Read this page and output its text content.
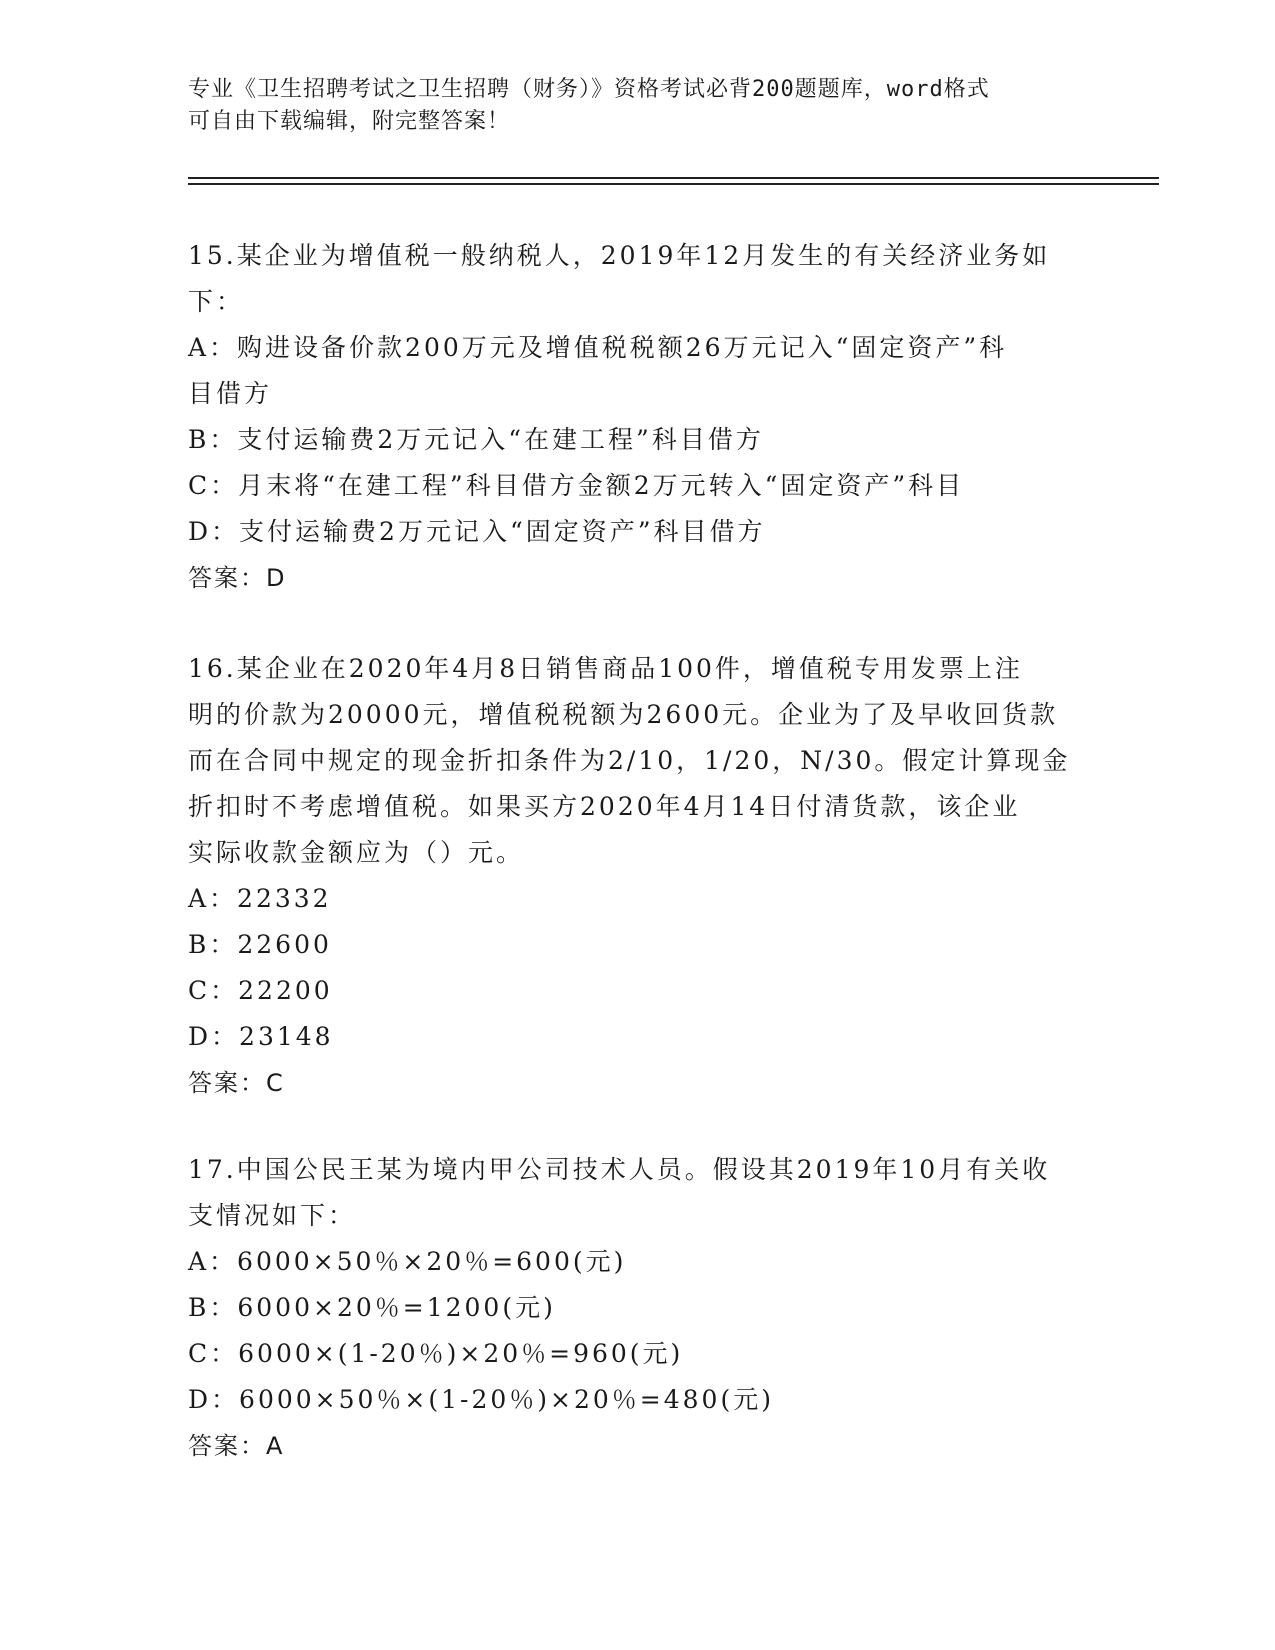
专业《卫生招聘考试之卫生招聘（财务）》资格考试必背200题题库，word格式
可自由下载编辑，附完整答案！
15.某企业为增值税一般纳税人，2019年12月发生的有关经济业务如
下：
A：购进设备价款200万元及增值税税额26万元记入“固定资产”科
目借方
B：支付运输费2万元记入“在建工程”科目借方
C：月末将“在建工程”科目借方金额2万元转入“固定资产”科目
D：支付运输费2万元记入“固定资产”科目借方
答案：D
16.某企业在2020年4月8日销售商品100件，增值税专用发票上注
明的价款为20000元，增值税税额为2600元。企业为了及早收回货款
而在合同中规定的现金折扣条件为2/10，1/20，N/30。假定计算现金
折扣时不考虑增值税。如果买方2020年4月14日付清货款，该企业
实际收款金额应为（）元。
A：22332
B：22600
C：22200
D：23148
答案：C
17.中国公民王某为境内甲公司技术人员。假设其2019年10月有关收
支情况如下：
A：6000×50％×20％=600(元)
B：6000×20％=1200(元)
C：6000×(1-20％)×20％=960(元)
D：6000×50％×(1-20％)×20％=480(元)
答案：A
